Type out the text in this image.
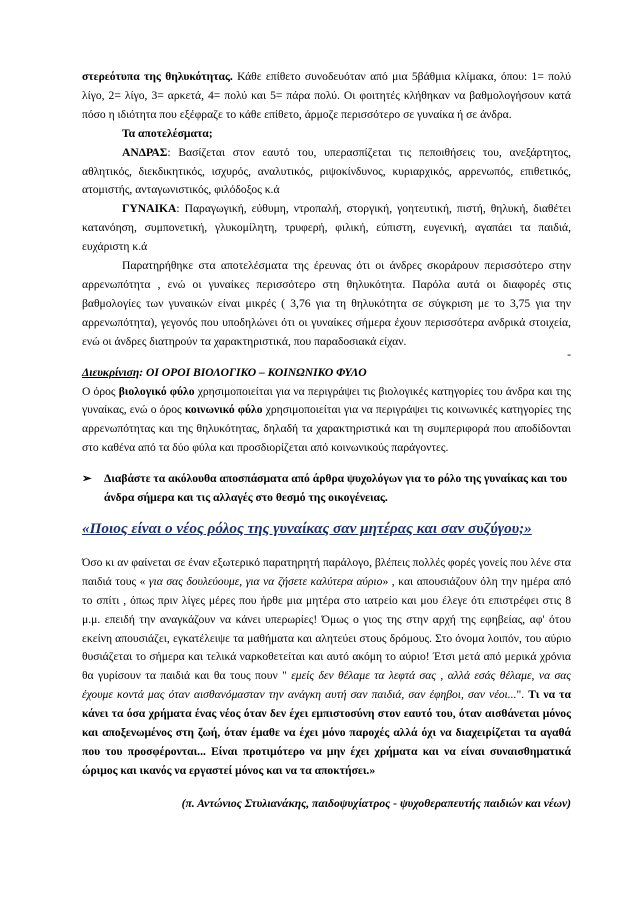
στερεότυπα της θηλυκότητας. Κάθε επίθετο συνοδευόταν από μια 5βάθμια κλίμακα, όπου: 1= πολύ λίγο, 2= λίγο, 3= αρκετά, 4= πολύ και 5= πάρα πολύ. Οι φοιτητές κλήθηκαν να βαθμολογήσουν κατά πόσο η ιδιότητα που εξέφραζε το κάθε επίθετο, άρμοζε περισσότερο σε γυναίκα ή σε άνδρα.

Τα αποτελέσματα;

ΑΝΔΡΑΣ: Βασίζεται στον εαυτό του, υπερασπίζεται τις πεποιθήσεις του, ανεξάρτητος, αθλητικός, διεκδικητικός, ισχυρός, αναλυτικός, ριψοκίνδυνος, κυριαρχικός, αρρενωπός, επιθετικός, ατομιστής, ανταγωνιστικός, φιλόδοξος κ.ά

ΓΥΝΑΙΚΑ: Παραγωγική, εύθυμη, ντροπαλή, στοργική, γοητευτική, πιστή, θηλυκή, διαθέτει κατανόηση, συμπονετική, γλυκομίλητη, τρυφερή, φιλική, εύπιστη, ευγενική, αγαπάει τα παιδιά, ευχάριστη κ.ά

Παρατηρήθηκε στα αποτελέσματα της έρευνας ότι οι άνδρες σκοράρουν περισσότερο στην αρρενωπότητα , ενώ οι γυναίκες περισσότερο στη θηλυκότητα. Παρόλα αυτά οι διαφορές στις βαθμολογίες των γυναικών είναι μικρές ( 3,76 για τη θηλυκότητα σε σύγκριση με το 3,75 για την αρρενωπότητα), γεγονός που υποδηλώνει ότι οι γυναίκες σήμερα έχουν περισσότερα ανδρικά στοιχεία, ενώ οι άνδρες διατηρούν τα χαρακτηριστικά, που παραδοσιακά είχαν.

-

Διευκρίνιση: ΟΙ ΟΡΟΙ ΒΙΟΛΟΓΙΚΟ – ΚΟΙΝΩΝΙΚΟ ΦΥΛΟ

Ο όρος βιολογικό φύλο χρησιμοποιείται για να περιγράψει τις βιολογικές κατηγορίες του άνδρα και της γυναίκας, ενώ ο όρος κοινωνικό φύλο χρησιμοποιείται για να περιγράψει τις κοινωνικές κατηγορίες της αρρενωπότητας και της θηλυκότητας, δηλαδή τα χαρακτηριστικά και τη συμπεριφορά που αποδίδονται στο καθένα από τα δύο φύλα και προσδιορίζεται από κοινωνικούς παράγοντες.

➢	Διαβάστε τα ακόλουθα αποσπάσματα από άρθρα ψυχολόγων για το ρόλο της γυναίκας και του άνδρα σήμερα και τις αλλαγές στο θεσμό της οικογένειας.

«Ποιος είναι ο νέος ρόλος της γυναίκας σαν μητέρας και σαν συζύγου;»

Όσο κι αν φαίνεται σε έναν εξωτερικό παρατηρητή παράλογο, βλέπεις πολλές φορές γονείς που λένε στα παιδιά τους « για σας δουλεύουμε, για να ζήσετε καλύτερα αύριο» , και απουσιάζουν όλη την ημέρα από το σπίτι , όπως πριν λίγες μέρες που ήρθε μια μητέρα στο ιατρείο και μου έλεγε ότι επιστρέφει στις 8 μ.μ. επειδή την αναγκάζουν να κάνει υπερωρίες! Όμως ο γιος της στην αρχή της εφηβείας, αφ' ότου εκείνη απουσιάζει, εγκατέλειψε τα μαθήματα και αλητεύει στους δρόμους. Στο όνομα λοιπόν, του αύριο θυσιάζεται το σήμερα και τελικά ναρκοθετείται και αυτό ακόμη το αύριο! Έτσι μετά από μερικά χρόνια θα γυρίσουν τα παιδιά και θα τους πουν " εμείς δεν θέλαμε τα λεφτά σας , αλλά εσάς θέλαμε, να σας έχουμε κοντά μας όταν αισθανόμασταν την ανάγκη αυτή σαν παιδιά, σαν έφηβοι, σαν νέοι...". Τι να τα κάνει τα όσα χρήματα ένας νέος όταν δεν έχει εμπιστοσύνη στον εαυτό του, όταν αισθάνεται μόνος και αποξενωμένος στη ζωή, όταν έμαθε να έχει μόνο παροχές αλλά όχι να διαχειρίζεται τα αγαθά που του προσφέρονται... Είναι προτιμότερο να μην έχει χρήματα και να είναι συναισθηματικά ώριμος και ικανός να εργαστεί μόνος και να τα αποκτήσει.»

(π. Αντώνιος Στυλιανάκης, παιδοψυχίατρος - ψυχοθεραπευτής παιδιών και νέων)
